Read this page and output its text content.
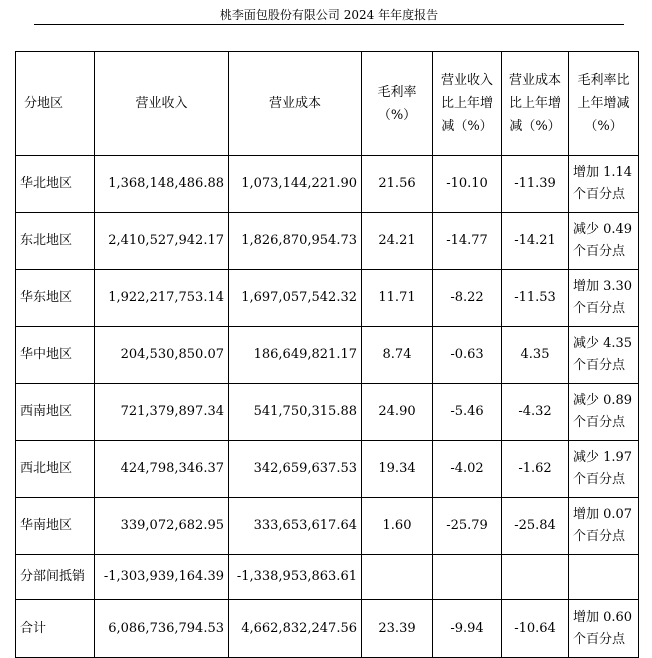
桃李面包股份有限公司 2024 年年度报告
分地区	营业收入	营业成本	毛利率（%）	营业收入比上年增减（%）	营业成本比上年增减（%）	毛利率比上年增减（%）
华北地区	1,368,148,486.88	1,073,144,221.90	21.56	-10.10	-11.39	增加 1.14 个百分点
东北地区	2,410,527,942.17	1,826,870,954.73	24.21	-14.77	-14.21	减少 0.49 个百分点
华东地区	1,922,217,753.14	1,697,057,542.32	11.71	-8.22	-11.53	增加 3.30 个百分点
华中地区	204,530,850.07	186,649,821.17	8.74	-0.63	4.35	减少 4.35 个百分点
西南地区	721,379,897.34	541,750,315.88	24.90	-5.46	-4.32	减少 0.89 个百分点
西北地区	424,798,346.37	342,659,637.53	19.34	-4.02	-1.62	减少 1.97 个百分点
华南地区	339,072,682.95	333,653,617.64	1.60	-25.79	-25.84	增加 0.07 个百分点
分部间抵销	-1,303,939,164.39	-1,338,953,863.61				
合计	6,086,736,794.53	4,662,832,247.56	23.39	-9.94	-10.64	增加 0.60 个百分点
